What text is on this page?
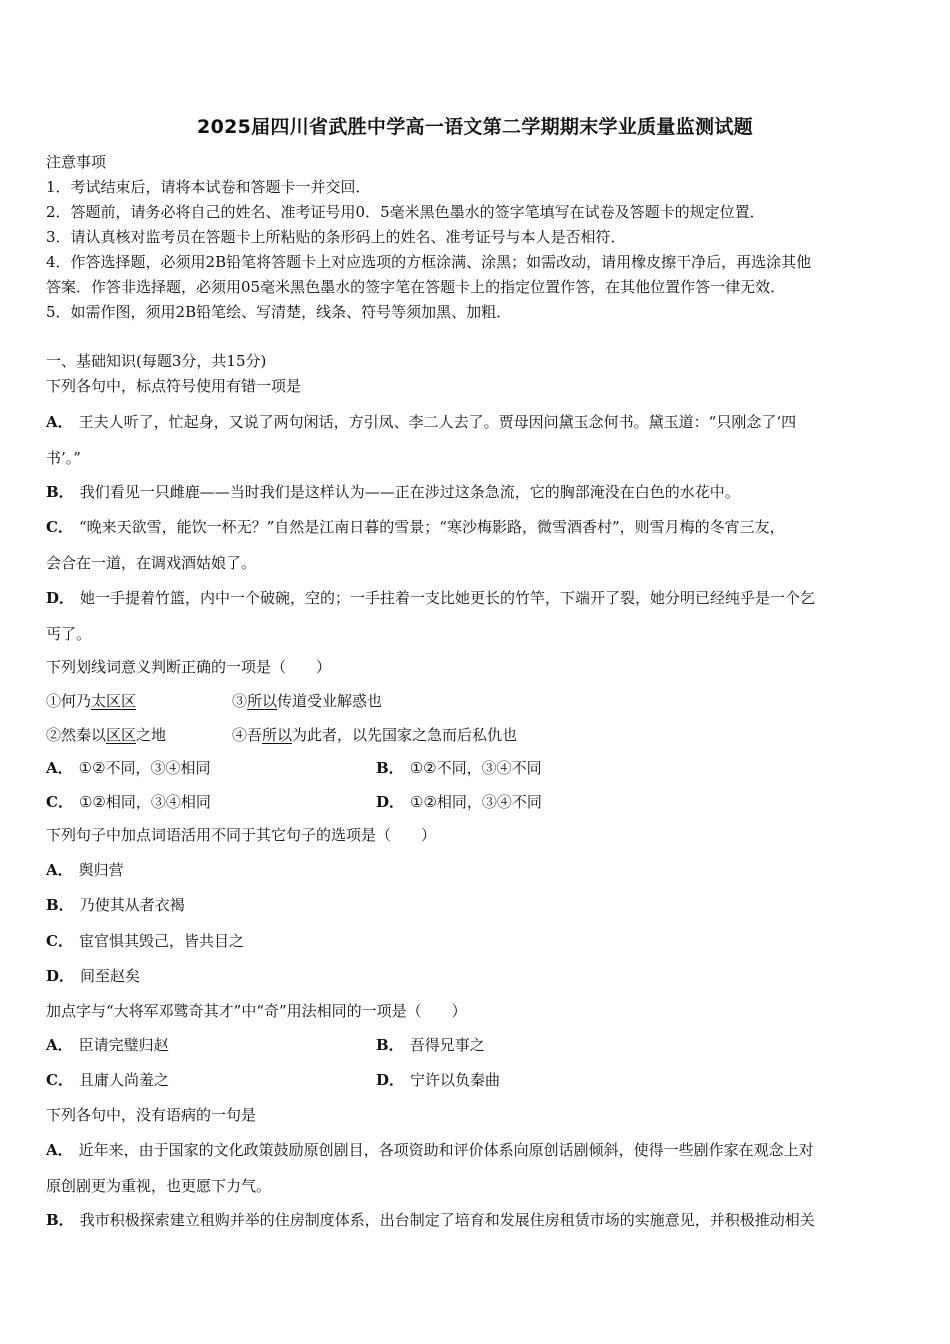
2025届四川省武胜中学高一语文第二学期期末学业质量监测试题
注意事项
1．考试结束后，请将本试卷和答题卡一并交回．
2．答题前，请务必将自己的姓名、准考证号用0．5毫米黑色墨水的签字笔填写在试卷及答题卡的规定位置．
3．请认真核对监考员在答题卡上所粘贴的条形码上的姓名、准考证号与本人是否相符．
4．作答选择题，必须用2B铅笔将答题卡上对应选项的方框涂满、涂黑；如需改动，请用橡皮擦干净后，再选涂其他
答案．作答非选择题，必须用05毫米黑色墨水的签字笔在答题卡上的指定位置作答，在其他位置作答一律无效．
5．如需作图，须用2B铅笔绘、写清楚，线条、符号等须加黑、加粗．
一、基础知识(每题3分，共15分)
下列各句中，标点符号使用有错一项是
A． 王夫人听了，忙起身，又说了两句闲话，方引凤、李二人去了。贾母因问黛玉念何书。黛玉道：“只刚念了‘四
书’。”
B． 我们看见一只雌鹿——当时我们是这样认为——正在涉过这条急流，它的胸部淹没在白色的水花中。
C． “晚来天欲雪，能饮一杯无？”自然是江南日暮的雪景；“寒沙梅影路，微雪酒香村”，则雪月梅的冬宵三友，
会合在一道，在调戏酒姑娘了。
D． 她一手提着竹篮，内中一个破碗，空的；一手拄着一支比她更长的竹竿，下端开了裂，她分明已经纯乎是一个乞
丐了。
下列划线词意义判断正确的一项是（　　）
①何乃太区区	③所以传道受业解惑也
②然秦以区区之地	④吾所以为此者，以先国家之急而后私仇也
A． ①②不同，③④相同	B． ①②不同，③④不同
C． ①②相同，③④相同	D． ①②相同，③④不同
下列句子中加点词语活用不同于其它句子的选项是（　　）
A． 舆归营
B． 乃使其从者衣褐
C． 宦官惧其毁己，皆共目之
D． 间至赵矣
加点字与“大将军邓骘奇其才”中“奇”用法相同的一项是（　　）
A． 臣请完璧归赵	B． 吾得兄事之
C． 且庸人尚羞之	D． 宁许以负秦曲
下列各句中，没有语病的一句是
A． 近年来，由于国家的文化政策鼓励原创剧目，各项资助和评价体系向原创话剧倾斜，使得一些剧作家在观念上对
原创剧更为重视，也更愿下力气。
B． 我市积极探索建立租购并举的住房制度体系，出台制定了培育和发展住房租赁市场的实施意见，并积极推动相关
